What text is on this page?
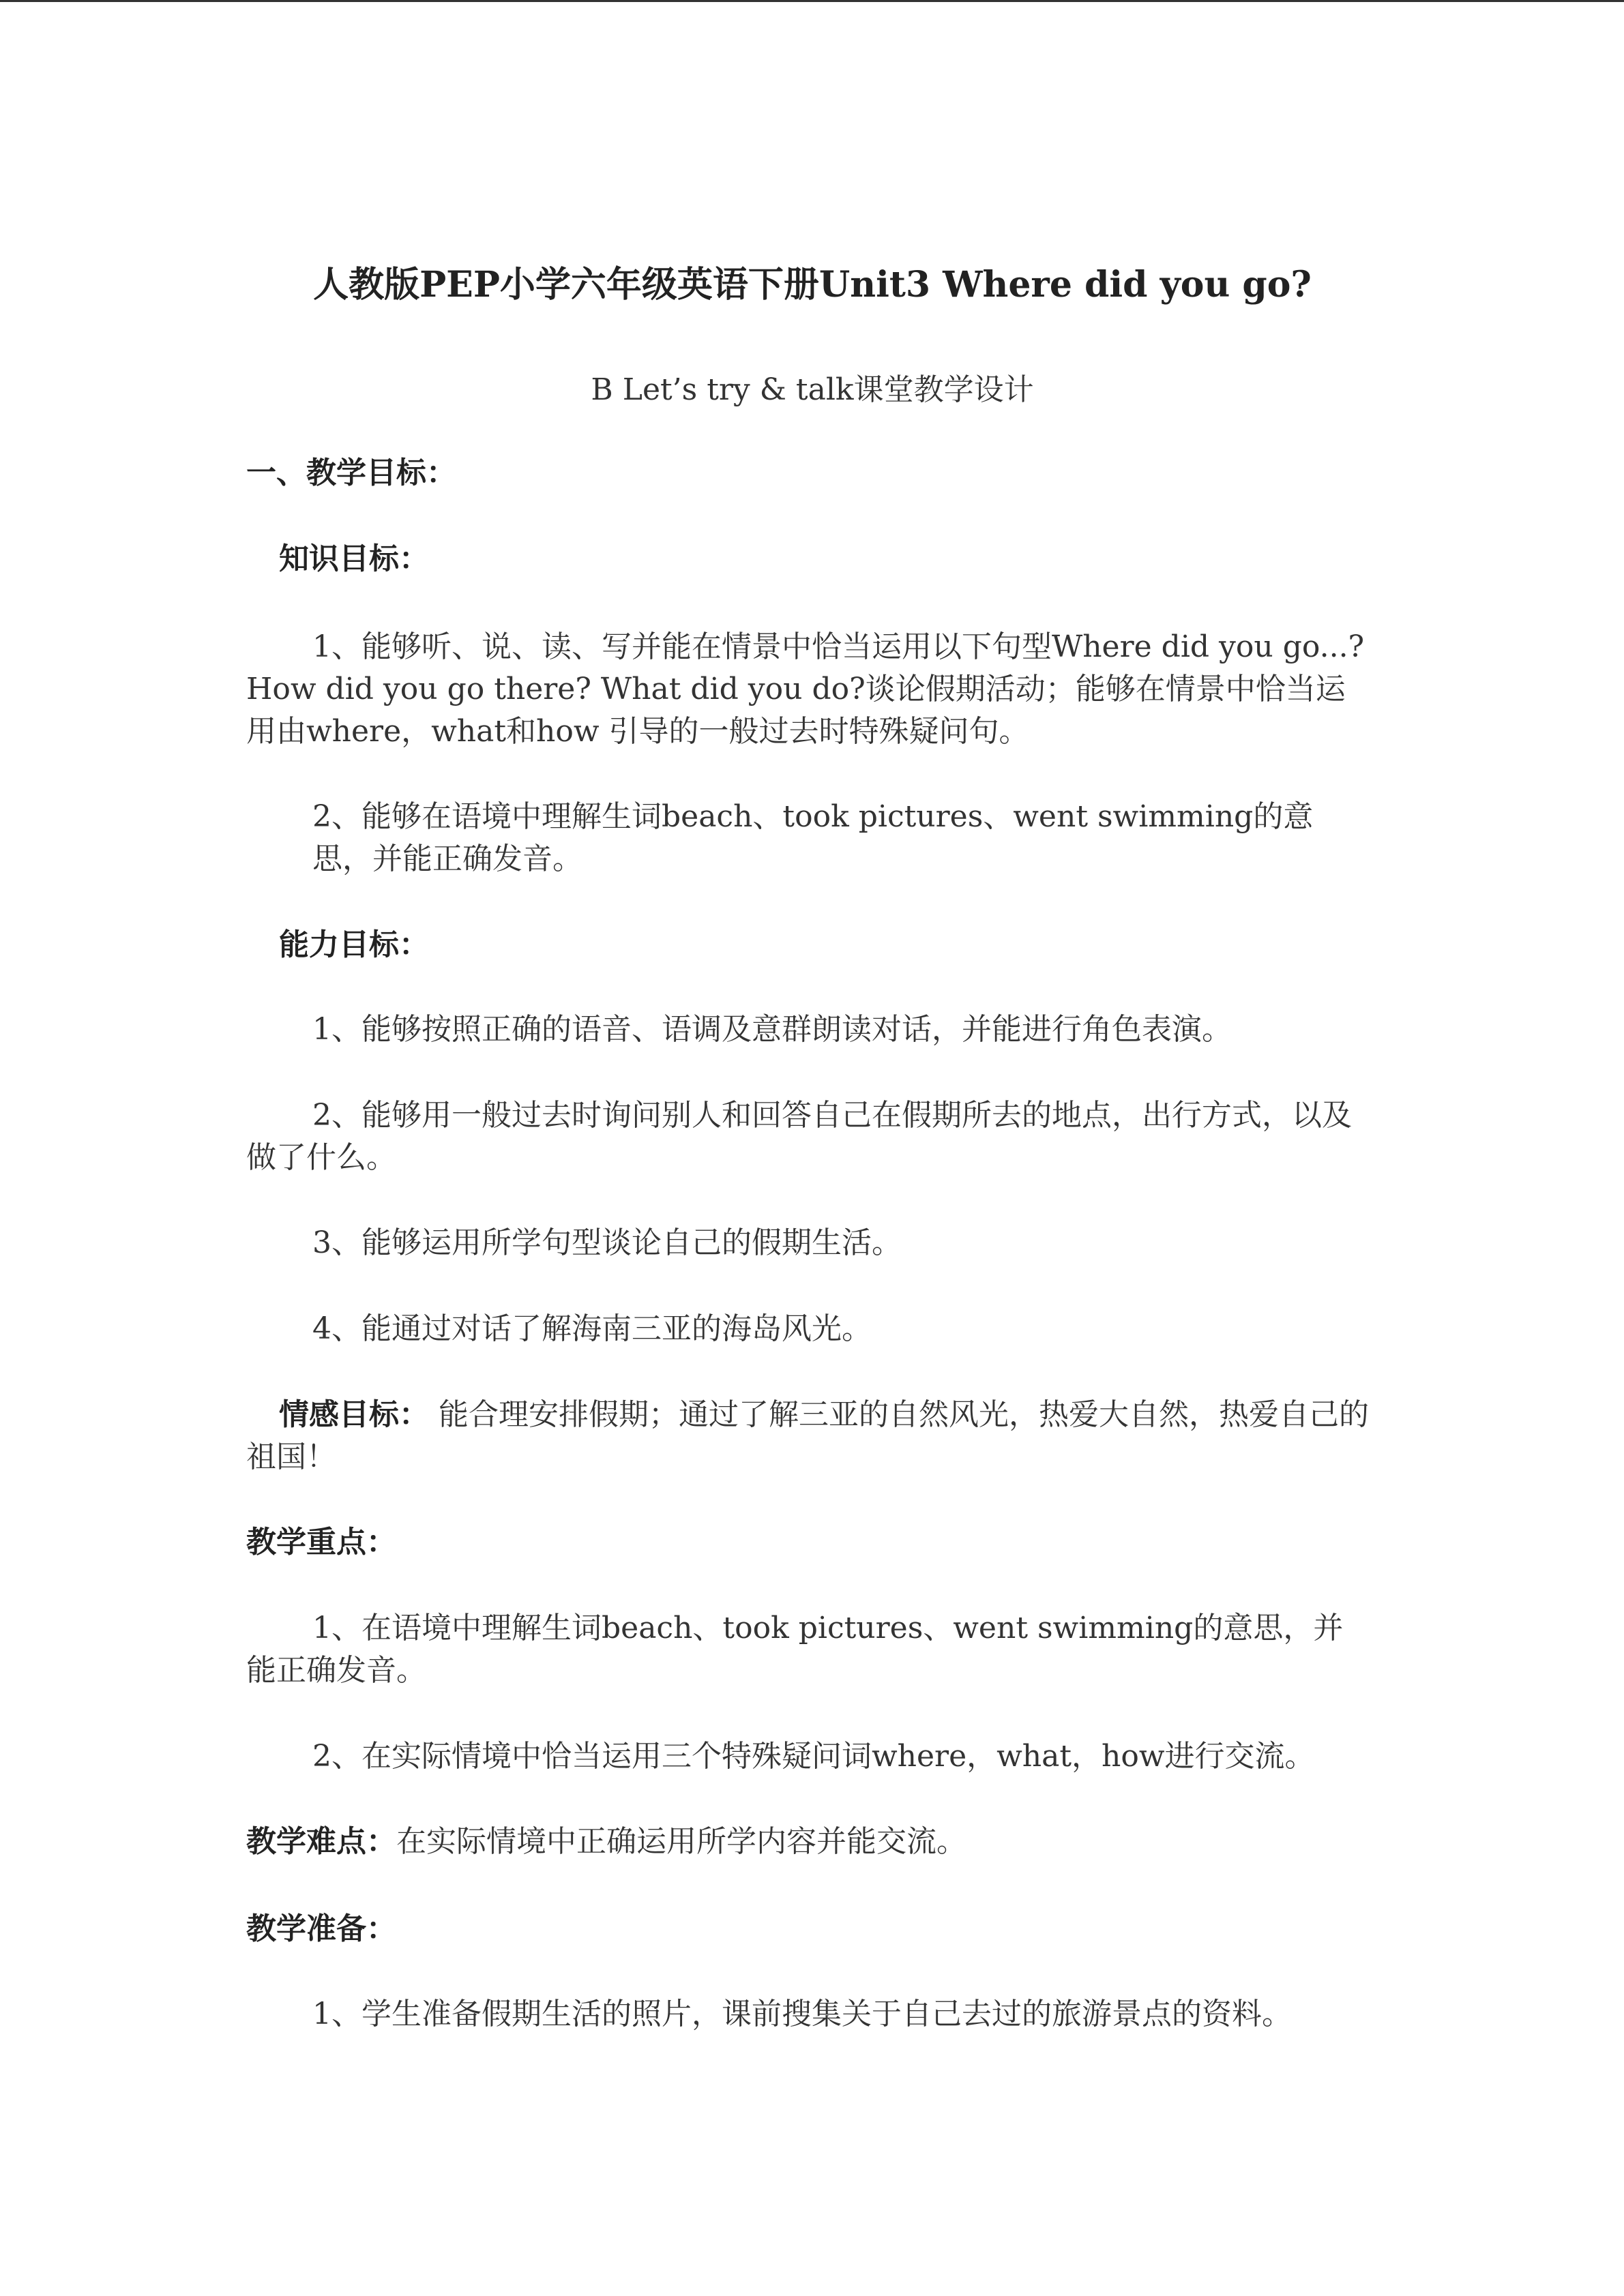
人教版PEP小学六年级英语下册Unit3 Where did you go?
B Let’s try & talk课堂教学设计
一、教学目标：
知识目标：
1、能够听、说、读、写并能在情景中恰当运用以下句型Where did you go...?How did you go there? What did you do?谈论假期活动；能够在情景中恰当运用由where，what和how 引导的一般过去时特殊疑问句。
2、能够在语境中理解生词beach、took pictures、went swimming的意思，并能正确发音。
能力目标：
1、能够按照正确的语音、语调及意群朗读对话，并能进行角色表演。
2、能够用一般过去时询问别人和回答自己在假期所去的地点，出行方式，以及做了什么。
3、能够运用所学句型谈论自己的假期生活。
4、能通过对话了解海南三亚的海岛风光。
情感目标： 能合理安排假期；通过了解三亚的自然风光，热爱大自然，热爱自己的祖国！
教学重点：
1、在语境中理解生词beach、took pictures、went swimming的意思，并能正确发音。
2、在实际情境中恰当运用三个特殊疑问词where，what，how进行交流。
教学难点：在实际情境中正确运用所学内容并能交流。
教学准备：
1、学生准备假期生活的照片，课前搜集关于自己去过的旅游景点的资料。
